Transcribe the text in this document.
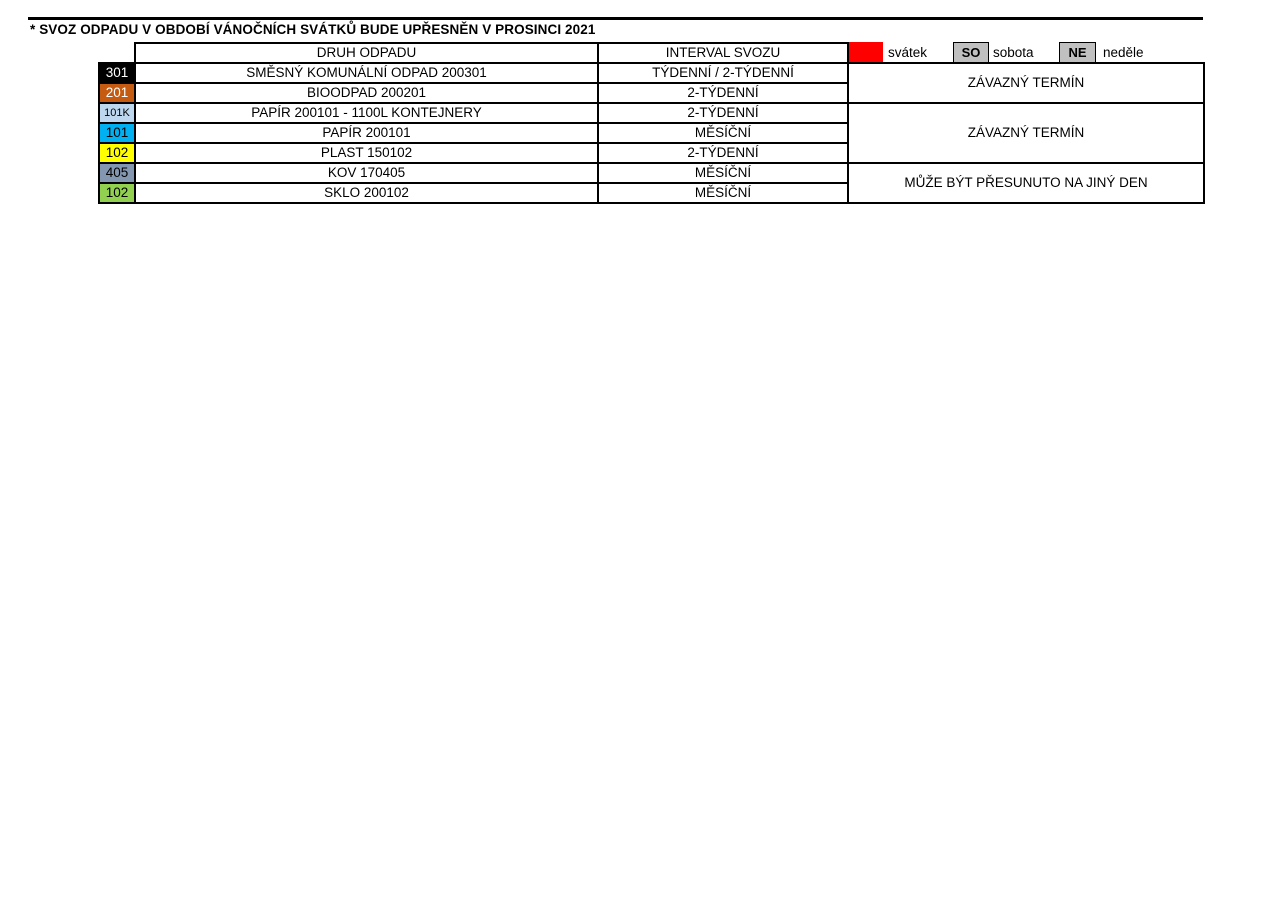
* SVOZ ODPADU V OBDOBÍ VÁNOČNÍCH SVÁTKŮ BUDE UPŘESNĚN V PROSINCI 2021
svátek	SO sobota	NE	neděle
	DRUH ODPADU	INTERVAL SVOZU	
301	SMĚSNÝ KOMUNÁLNÍ ODPAD 200301	TÝDENNÍ / 2-TÝDENNÍ	ZÁVAZNÝ TERMÍN
201	BIOODPAD 200201	2-TÝDENNÍ	
101K	PAPÍR 200101 - 1100L KONTEJNERY	2-TÝDENNÍ	ZÁVAZNÝ TERMÍN
101	PAPÍR 200101	MĚSÍČNÍ	
102	PLAST 150102	2-TÝDENNÍ	
405	KOV 170405	MĚSÍČNÍ	MŮŽE BÝT PŘESUNUTO NA JINÝ DEN
102	SKLO 200102	MĚSÍČNÍ	
